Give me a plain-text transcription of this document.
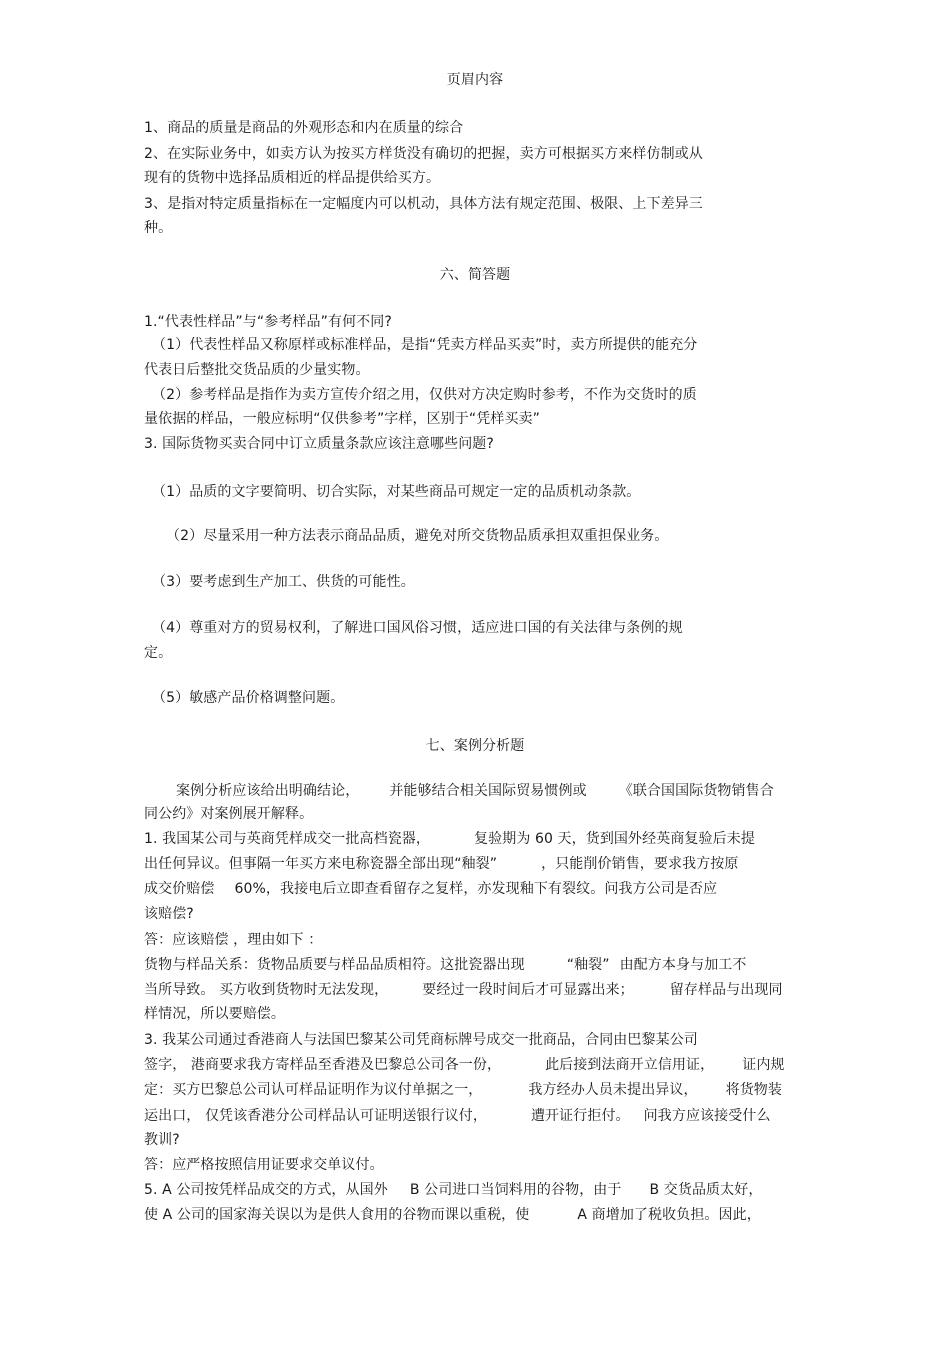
页眉内容
1、商品的质量是商品的外观形态和内在质量的综合
2、在实际业务中，如卖方认为按买方样货没有确切的把握，卖方可根据买方来样仿制或从
现有的货物中选择品质相近的样品提供给买方。
3、是指对特定质量指标在一定幅度内可以机动，具体方法有规定范围、极限、上下差异三
种。
六、简答题
1.“代表性样品”与“参考样品”有何不同?
（1）代表性样品又称原样或标准样品，是指“凭卖方样品买卖”时，卖方所提供的能充分
代表日后整批交货品质的少量实物。
（2）参考样品是指作为卖方宣传介绍之用，仅供对方决定购时参考，不作为交货时的质
量依据的样品，一般应标明“仅供参考”字样，区别于“凭样买卖”
3. 国际货物买卖合同中订立质量条款应该注意哪些问题?
（1）品质的文字要简明、切合实际，对某些商品可规定一定的品质机动条款。
（2）尽量采用一种方法表示商品品质，避免对所交货物品质承担双重担保业务。
（3）要考虑到生产加工、供货的可能性。
（4）尊重对方的贸易权利，了解进口国风俗习惯，适应进口国的有关法律与条例的规
定。
（5）敏感产品价格调整问题。
七、案例分析题
案例分析应该给出明确结论， 并能够结合相关国际贸易惯例或 《联合国国际货物销售合
同公约》对案例展开解释。
1. 我国某公司与英商凭样成交一批高档瓷器，	复验期为 60 天，货到国外经英商复验后未提
出任何异议。但事隔一年买方来电称瓷器全部出现“釉裂”	，只能削价销售，要求我方按原
成交价赔偿 60%，我接电后立即查看留存之复样，亦发现釉下有裂纹。问我方公司是否应
该赔偿?
答：应该赔偿 ，理由如下 ：
货物与样品关系：货物品质要与样品品质相符。这批瓷器出现	“釉裂” 由配方本身与加工不
当所导致。 买方收到货物时无法发现， 要经过一段时间后才可显露出来；	留存样品与出现同
样情况，所以要赔偿。
3. 我某公司通过香港商人与法国巴黎某公司凭商标牌号成交一批商品，合同由巴黎某公司
签字， 港商要求我方寄样品至香港及巴黎总公司各一份，	此后接到法商开立信用证， 证内规
定：买方巴黎总公司认可样品证明作为议付单据之一，	我方经办人员未提出异议， 将货物装
运出口， 仅凭该香港分公司样品认可证明送银行议付，	遭开证行拒付。 问我方应该接受什么
教训?
答：应严格按照信用证要求交单议付。
5. A 公司按凭样品成交的方式，从国外 B 公司进口当饲料用的谷物，由于 B 交货品质太好，
使 A 公司的国家海关误以为是供人食用的谷物而课以重税，使	A 商增加了税收负担。因此，
